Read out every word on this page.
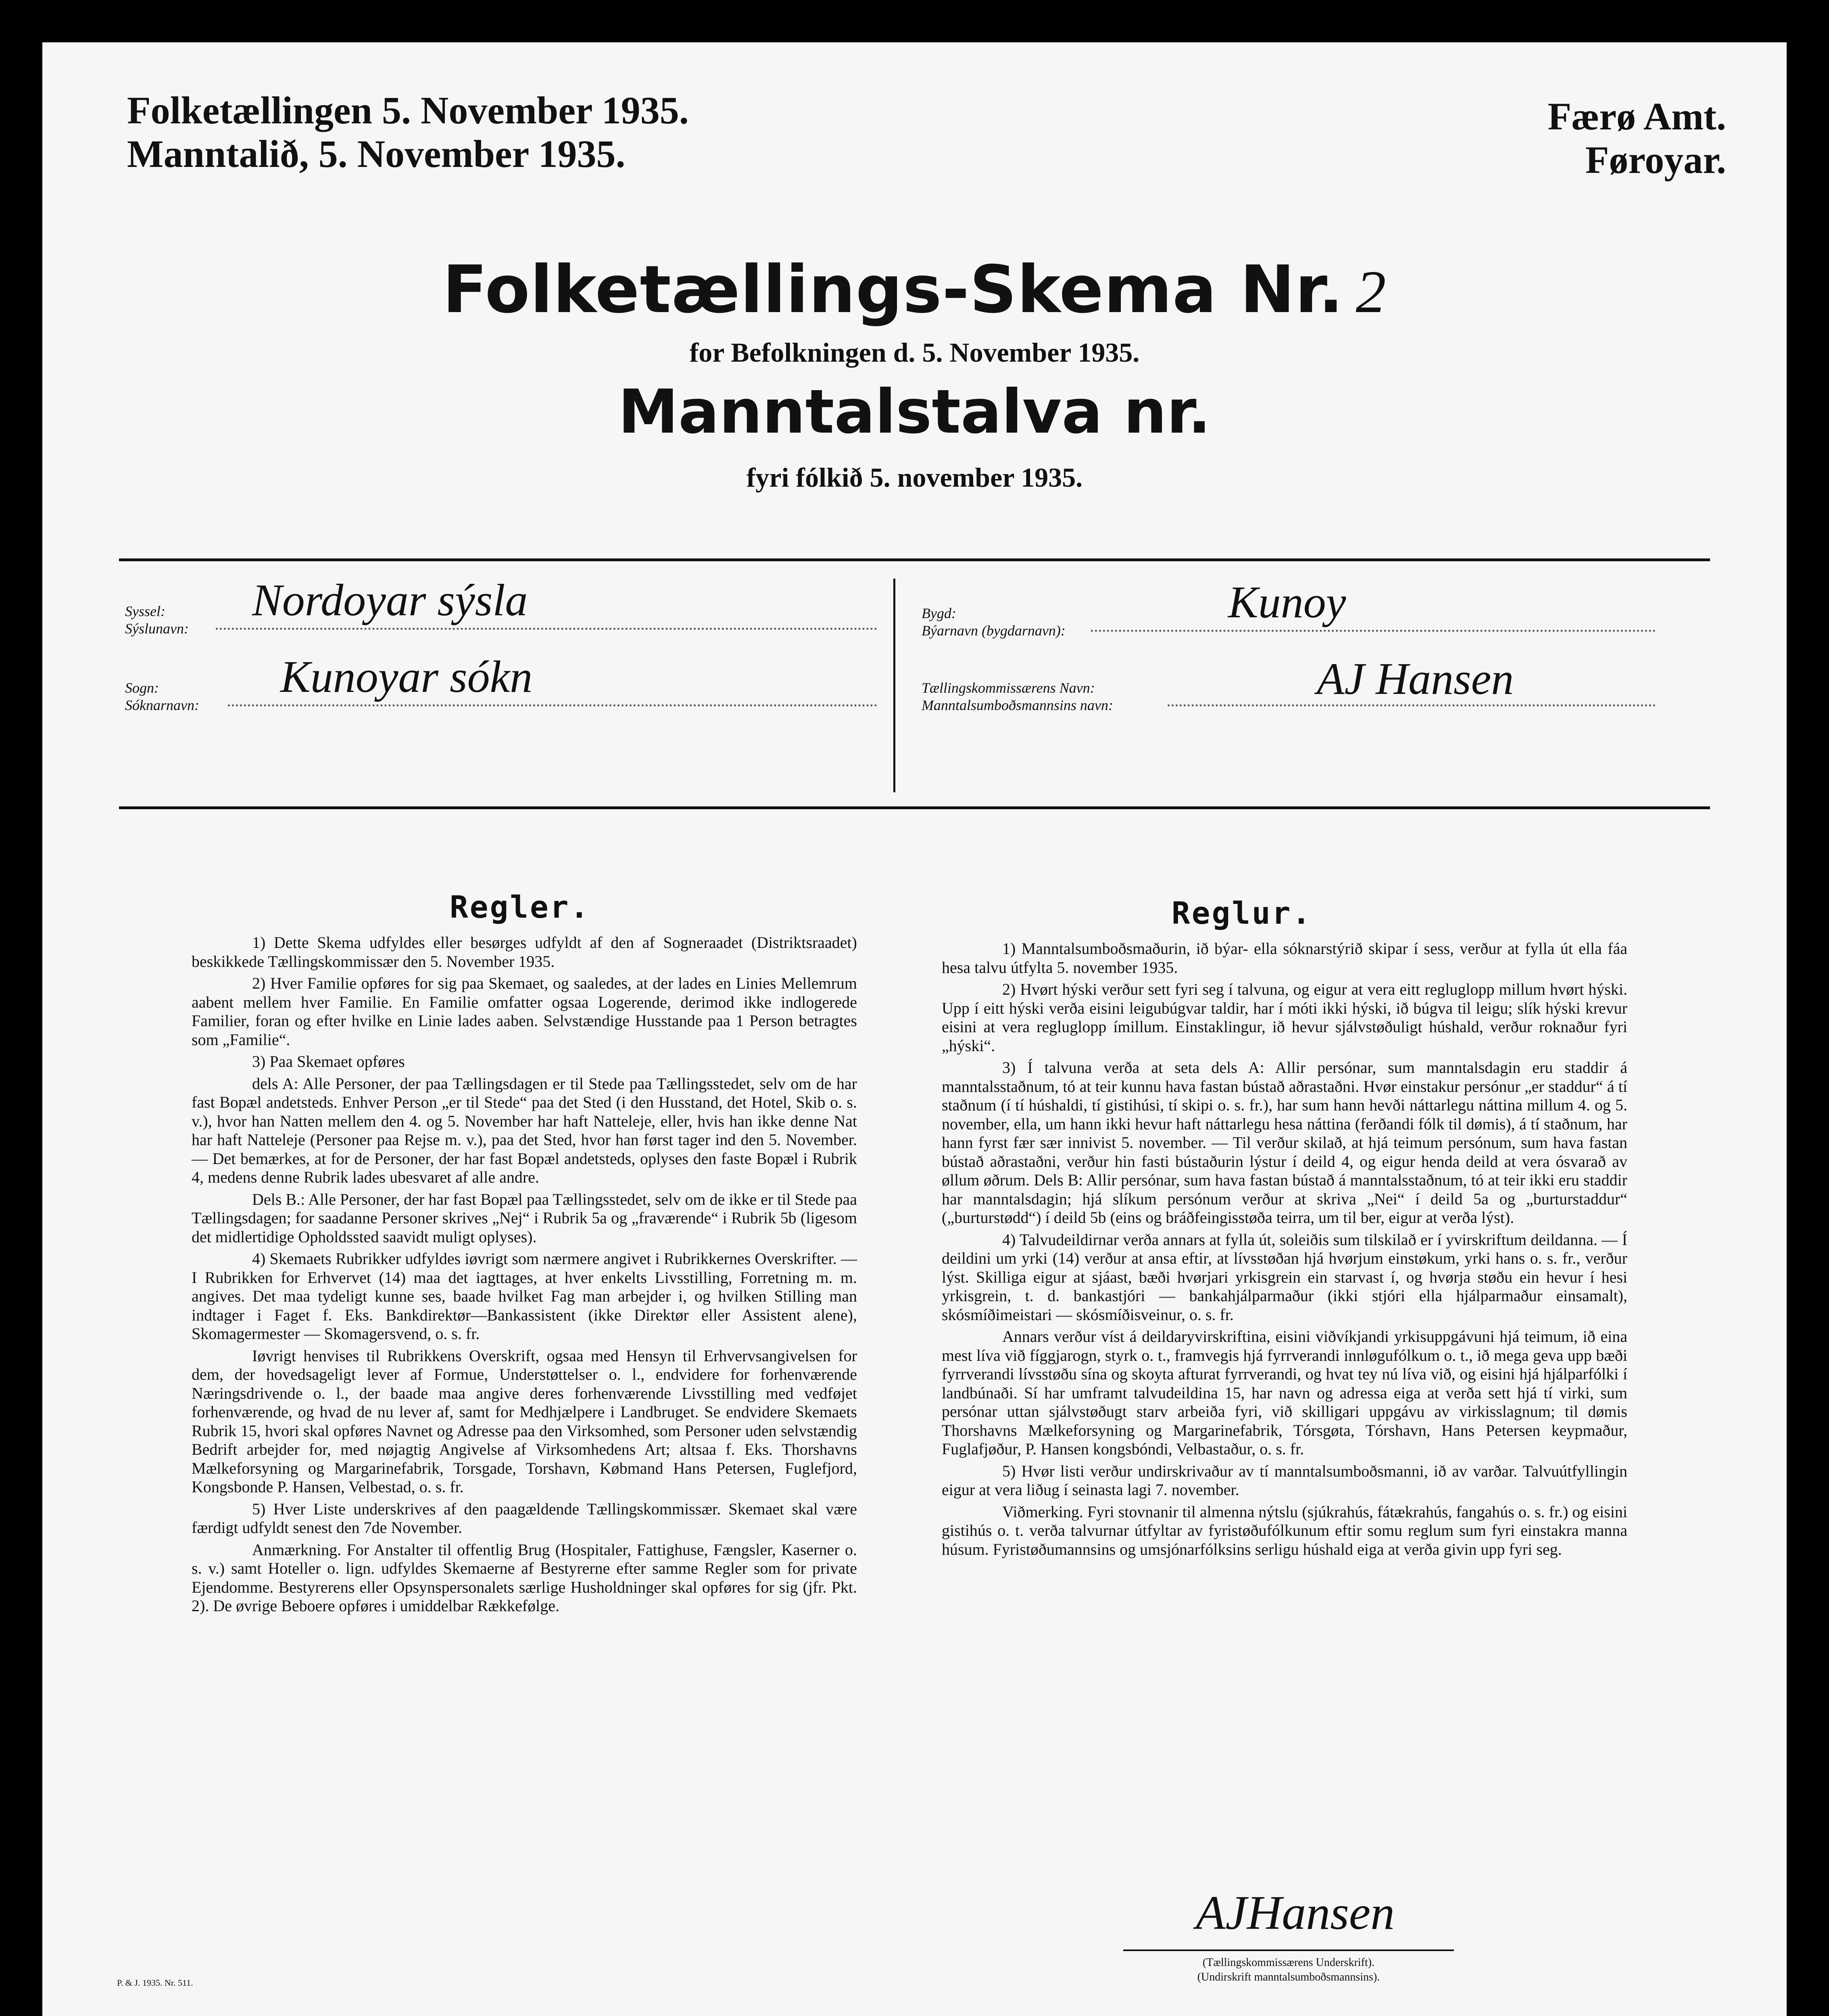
Folketællingen 5. November 1935.
Manntalið, 5. November 1935.
Færø Amt.
Føroyar.
Folketællings-Skema Nr. 2
for Befolkningen d. 5. November 1935.
Manntalstalva nr.
fyri fólkið 5. november 1935.
Syssel:
Sýslunavn:
Nordoyar sýsla
Sogn:
Sóknarnavn:
Kunoyar sókn
Bygd:
Býarnavn (bygdarnavn):
Kunoy
Tællingskommissærens Navn:
Manntalsumboðsmannsins navn:
AJ Hansen
Regler.

1) Dette Skema udfyldes eller besørges udfyldt af den af Sogneraadet (Distriktsraadet) beskikkede Tællingskommissær den 5. November 1935.

2) Hver Familie opføres for sig paa Skemaet, og saaledes, at der lades en Linies Mellemrum aabent mellem hver Familie. En Familie omfatter ogsaa Logerende, derimod ikke indlogerede Familier, foran og efter hvilke en Linie lades aaben. Selvstændige Husstande paa 1 Person betragtes som „Familie“.

3) Paa Skemaet opføres

dels A: Alle Personer, der paa Tællingsdagen er til Stede paa Tællingsstedet, selv om de har fast Bopæl andetsteds. Enhver Person „er til Stede“ paa det Sted (i den Husstand, det Hotel, Skib o. s. v.), hvor han Natten mellem den 4. og 5. November har haft Natteleje, eller, hvis han ikke denne Nat har haft Natteleje (Personer paa Rejse m. v.), paa det Sted, hvor han først tager ind den 5. November. — Det bemærkes, at for de Personer, der har fast Bopæl andetsteds, oplyses den faste Bopæl i Rubrik 4, medens denne Rubrik lades ubesvaret af alle andre.

Dels B.: Alle Personer, der har fast Bopæl paa Tællingsstedet, selv om de ikke er til Stede paa Tællingsdagen; for saadanne Personer skrives „Nej“ i Rubrik 5a og „fraværende“ i Rubrik 5b (ligesom det midlertidige Opholdssted saavidt muligt oplyses).

4) Skemaets Rubrikker udfyldes iøvrigt som nærmere angivet i Rubrikkernes Overskrifter. — I Rubrikken for Erhvervet (14) maa det iagttages, at hver enkelts Livsstilling, Forretning m. m. angives. Det maa tydeligt kunne ses, baade hvilket Fag man arbejder i, og hvilken Stilling man indtager i Faget f. Eks. Bankdirektør—Bankassistent (ikke Direktør eller Assistent alene), Skomagermester — Skomagersvend, o. s. fr.

Iøvrigt henvises til Rubrikkens Overskrift, ogsaa med Hensyn til Erhvervsangivelsen for dem, der hovedsageligt lever af Formue, Understøttelser o. l., endvidere for forhenværende Næringsdrivende o. l., der baade maa angive deres forhenværende Livsstilling med vedføjet forhenværende, og hvad de nu lever af, samt for Medhjælpere i Landbruget. Se endvidere Skemaets Rubrik 15, hvori skal opføres Navnet og Adresse paa den Virksomhed, som Personer uden selvstændig Bedrift arbejder for, med nøjagtig Angivelse af Virksomhedens Art; altsaa f. Eks. Thorshavns Mælkeforsyning og Margarinefabrik, Torsgade, Torshavn, Købmand Hans Petersen, Fuglefjord, Kongsbonde P. Hansen, Velbestad, o. s. fr.

5) Hver Liste underskrives af den paagældende Tællingskommissær. Skemaet skal være færdigt udfyldt senest den 7de November.

Anmærkning. For Anstalter til offentlig Brug (Hospitaler, Fattighuse, Fængsler, Kaserner o. s. v.) samt Hoteller o. lign. udfyldes Skemaerne af Bestyrerne efter samme Regler som for private Ejendomme. Bestyrerens eller Opsynspersonalets særlige Husholdninger skal opføres for sig (jfr. Pkt. 2). De øvrige Beboere opføres i umiddelbar Rækkefølge.

Reglur.

1) Manntalsumboðsmaðurin, ið býar- ella sóknarstýrið skipar í sess, verður at fylla út ella fáa hesa talvu útfylta 5. november 1935.

2) Hvørt hýski verður sett fyri seg í talvuna, og eigur at vera eitt regluglopp millum hvørt hýski. Upp í eitt hýski verða eisini leigubúgvar taldir, har í móti ikki hýski, ið búgva til leigu; slík hýski krevur eisini at vera regluglopp ímillum. Einstaklingur, ið hevur sjálvstøðuligt húshald, verður roknaður fyri „hýski“.

3) Í talvuna verða at seta dels A: Allir persónar, sum manntalsdagin eru staddir á manntalsstaðnum, tó at teir kunnu hava fastan bústað aðrastaðni. Hvør einstakur persónur „er staddur“ á tí staðnum (í tí húshaldi, tí gistihúsi, tí skipi o. s. fr.), har sum hann hevði náttarlegu náttina millum 4. og 5. november, ella, um hann ikki hevur haft náttarlegu hesa náttina (ferðandi fólk til dømis), á tí staðnum, har hann fyrst fær sær innivist 5. november. — Til verður skilað, at hjá teimum persónum, sum hava fastan bústað aðrastaðni, verður hin fasti bústaðurin lýstur í deild 4, og eigur henda deild at vera ósvarað av øllum øðrum. Dels B: Allir persónar, sum hava fastan bústað á manntalsstaðnum, tó at teir ikki eru staddir har manntalsdagin; hjá slíkum persónum verður at skriva „Nei“ í deild 5a og „burturstaddur“ („burturstødd“) í deild 5b (eins og bráðfeingisstøða teirra, um til ber, eigur at verða lýst).

4) Talvudeildirnar verða annars at fylla út, soleiðis sum tilskilað er í yvirskriftum deildanna. — Í deildini um yrki (14) verður at ansa eftir, at lívsstøðan hjá hvørjum einstøkum, yrki hans o. s. fr., verður lýst. Skilliga eigur at sjáast, bæði hvørjari yrkisgrein ein starvast í, og hvørja støðu ein hevur í hesi yrkisgrein, t. d. bankastjóri — bankahjálparmaður (ikki stjóri ella hjálparmaður einsamalt), skósmíðimeistari — skósmíðisveinur, o. s. fr.

Annars verður víst á deildaryvirskriftina, eisini viðvíkjandi yrkisuppgávuni hjá teimum, ið eina mest líva við fíggjarogn, styrk o. t., framvegis hjá fyrrverandi innløgufólkum o. t., ið mega geva upp bæði fyrrverandi lívsstøðu sína og skoyta afturat fyrrverandi, og hvat tey nú líva við, og eisini hjá hjálparfólki í landbúnaði. Sí har umframt talvudeildina 15, har navn og adressa eiga at verða sett hjá tí virki, sum persónar uttan sjálvstøðugt starv arbeiða fyri, við skilligari uppgávu av virkisslagnum; til dømis Thorshavns Mælkeforsyning og Margarinefabrik, Tórsgøta, Tórshavn, Hans Petersen keypmaður, Fuglafjøður, P. Hansen kongsbóndi, Velbastaður, o. s. fr.

5) Hvør listi verður undirskrivaður av tí manntalsumboðsmanni, ið av varðar. Talvuútfyllingin eigur at vera liðug í seinasta lagi 7. november.

Viðmerking. Fyri stovnanir til almenna nýtslu (sjúkrahús, fátækrahús, fangahús o. s. fr.) og eisini gistihús o. t. verða talvurnar útfyltar av fyristøðufólkunum eftir somu reglum sum fyri einstakra manna húsum. Fyristøðumannsins og umsjónarfólksins serligu húshald eiga at verða givin upp fyri seg.

AJHansen
(Tællingskommissærens Underskrift).
(Undirskrift manntalsumboðsmannsins).
P. & J. 1935. Nr. 511.
